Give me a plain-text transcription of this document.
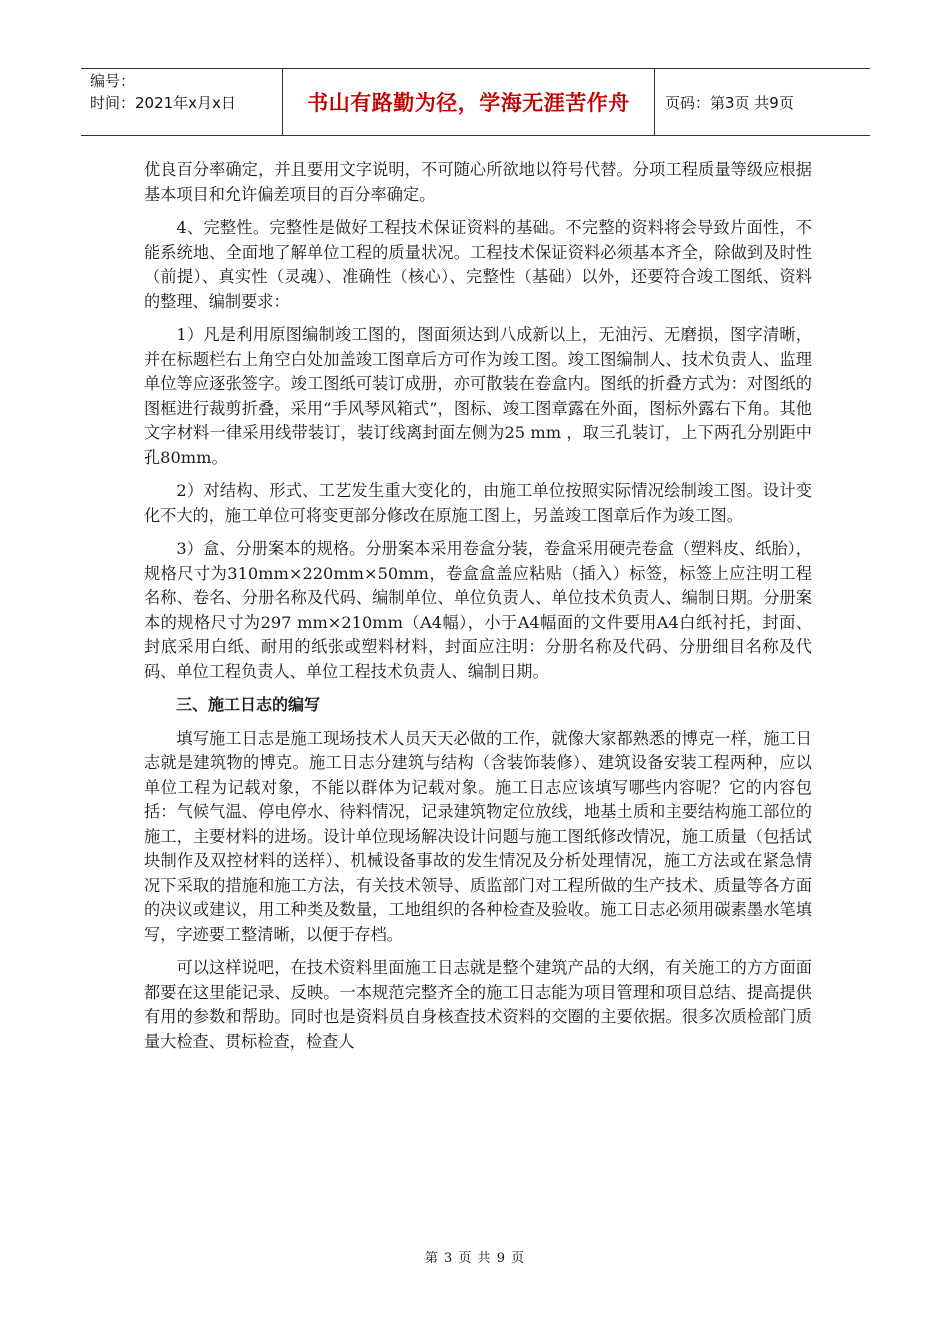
编号：
时间：2021年x月x日	书山有路勤为径，学海无涯苦作舟	页码：第3页 共9页

优良百分率确定，并且要用文字说明，不可随心所欲地以符号代替。分项工程质量等级应根据基本项目和允许偏差项目的百分率确定。

4、完整性。完整性是做好工程技术保证资料的基础。不完整的资料将会导致片面性，不能系统地、全面地了解单位工程的质量状况。工程技术保证资料必须基本齐全，除做到及时性（前提）、真实性（灵魂）、准确性（核心）、完整性（基础）以外，还要符合竣工图纸、资料的整理、编制要求：

1）凡是利用原图编制竣工图的，图面须达到八成新以上，无油污、无磨损，图字清晰，并在标题栏右上角空白处加盖竣工图章后方可作为竣工图。竣工图编制人、技术负责人、监理单位等应逐张签字。竣工图纸可装订成册，亦可散装在卷盒内。图纸的折叠方式为：对图纸的图框进行裁剪折叠，采用“手风琴风箱式”，图标、竣工图章露在外面，图标外露右下角。其他文字材料一律采用线带装订，装订线离封面左侧为25 mm ，取三孔装订，上下两孔分别距中孔80mm。

2）对结构、形式、工艺发生重大变化的，由施工单位按照实际情况绘制竣工图。设计变化不大的，施工单位可将变更部分修改在原施工图上，另盖竣工图章后作为竣工图。

3）盒、分册案本的规格。分册案本采用卷盒分装，卷盒采用硬壳卷盒（塑料皮、纸胎），规格尺寸为310mm×220mm×50mm，卷盒盒盖应粘贴（插入）标签，标签上应注明工程名称、卷名、分册名称及代码、编制单位、单位负责人、单位技术负责人、编制日期。分册案本的规格尺寸为297 mm×210mm（A4幅），小于A4幅面的文件要用A4白纸衬托，封面、封底采用白纸、耐用的纸张或塑料材料，封面应注明：分册名称及代码、分册细目名称及代码、单位工程负责人、单位工程技术负责人、编制日期。

三、施工日志的编写

填写施工日志是施工现场技术人员天天必做的工作，就像大家都熟悉的博克一样，施工日志就是建筑物的博克。施工日志分建筑与结构（含装饰装修）、建筑设备安装工程两种，应以单位工程为记载对象，不能以群体为记载对象。施工日志应该填写哪些内容呢？它的内容包括：气候气温、停电停水、待料情况，记录建筑物定位放线，地基土质和主要结构施工部位的施工，主要材料的进场。设计单位现场解决设计问题与施工图纸修改情况，施工质量（包括试块制作及双控材料的送样）、机械设备事故的发生情况及分析处理情况，施工方法或在紧急情况下采取的措施和施工方法，有关技术领导、质监部门对工程所做的生产技术、质量等各方面的决议或建议，用工种类及数量，工地组织的各种检查及验收。施工日志必须用碳素墨水笔填写，字迹要工整清晰，以便于存档。

可以这样说吧，在技术资料里面施工日志就是整个建筑产品的大纲，有关施工的方方面面都要在这里能记录、反映。一本规范完整齐全的施工日志能为项目管理和项目总结、提高提供有用的参数和帮助。同时也是资料员自身核查技术资料的交圈的主要依据。很多次质检部门质量大检查、贯标检查，检查人

第 3 页 共 9 页
